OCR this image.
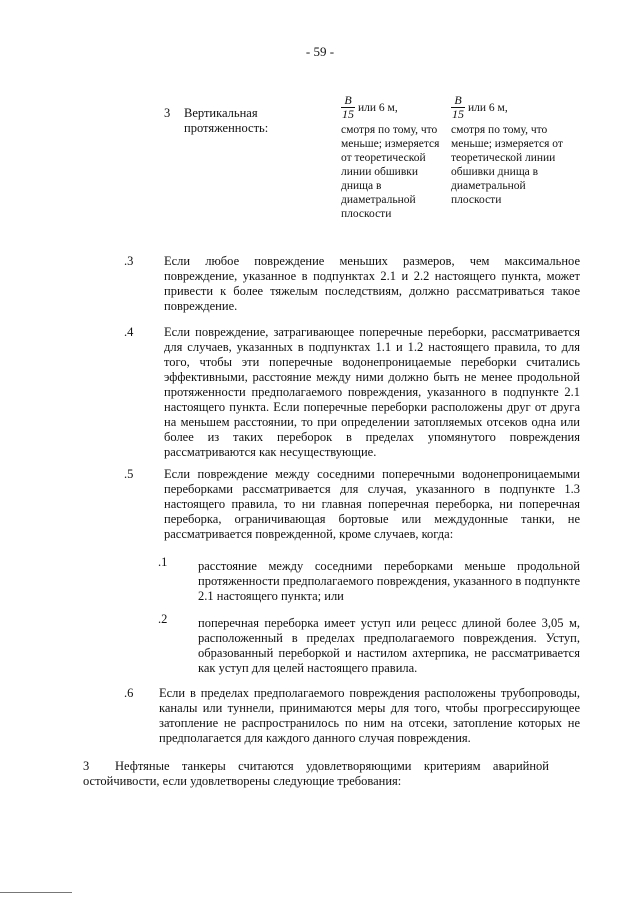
- 59 -
3 Вертикальная протяженность:
$\frac{B}{15}$ или 6 м,
смотря по тому, что меньше; измеряется от теоретической линии обшивки днища в диаметральной плоскости
$\frac{B}{15}$ или 6 м,
смотря по тому, что меньше; измеряется от теоретической линии обшивки днища в диаметральной плоскости
.3 Если любое повреждение меньших размеров, чем максимальное повреждение, указанное в подпунктах 2.1 и 2.2 настоящего пункта, может привести к более тяжелым последствиям, должно рассматриваться такое повреждение.
.4 Если повреждение, затрагивающее поперечные переборки, рассматривается для случаев, указанных в подпунктах 1.1 и 1.2 настоящего правила, то для того, чтобы эти поперечные водонепроницаемые переборки считались эффективными, расстояние между ними должно быть не менее продольной протяженности предполагаемого повреждения, указанного в подпункте 2.1 настоящего пункта. Если поперечные переборки расположены друг от друга на меньшем расстоянии, то при определении затопляемых отсеков одна или более из таких переборок в пределах упомянутого повреждения рассматриваются как несуществующие.
.5 Если повреждение между соседними поперечными водонепроницаемыми переборками рассматривается для случая, указанного в подпункте 1.3 настоящего правила, то ни главная поперечная переборка, ни поперечная переборка, ограничивающая бортовые или междудонные танки, не рассматривается поврежденной, кроме случаев, когда:
.1 расстояние между соседними переборками меньше продольной протяженности предполагаемого повреждения, указанного в подпункте 2.1 настоящего пункта; или
.2 поперечная переборка имеет уступ или рецесс длиной более 3,05 м, расположенный в пределах предполагаемого повреждения. Уступ, образованный переборкой и настилом ахтерпика, не рассматривается как уступ для целей настоящего правила.
.6 Если в пределах предполагаемого повреждения расположены трубопроводы, каналы или туннели, принимаются меры для того, чтобы прогрессирующее затопление не распространилось по ним на отсеки, затопление которых не предполагается для каждого данного случая повреждения.
3 Нефтяные танкеры считаются удовлетворяющими критериям аварийной остойчивости, если удовлетворены следующие требования:
